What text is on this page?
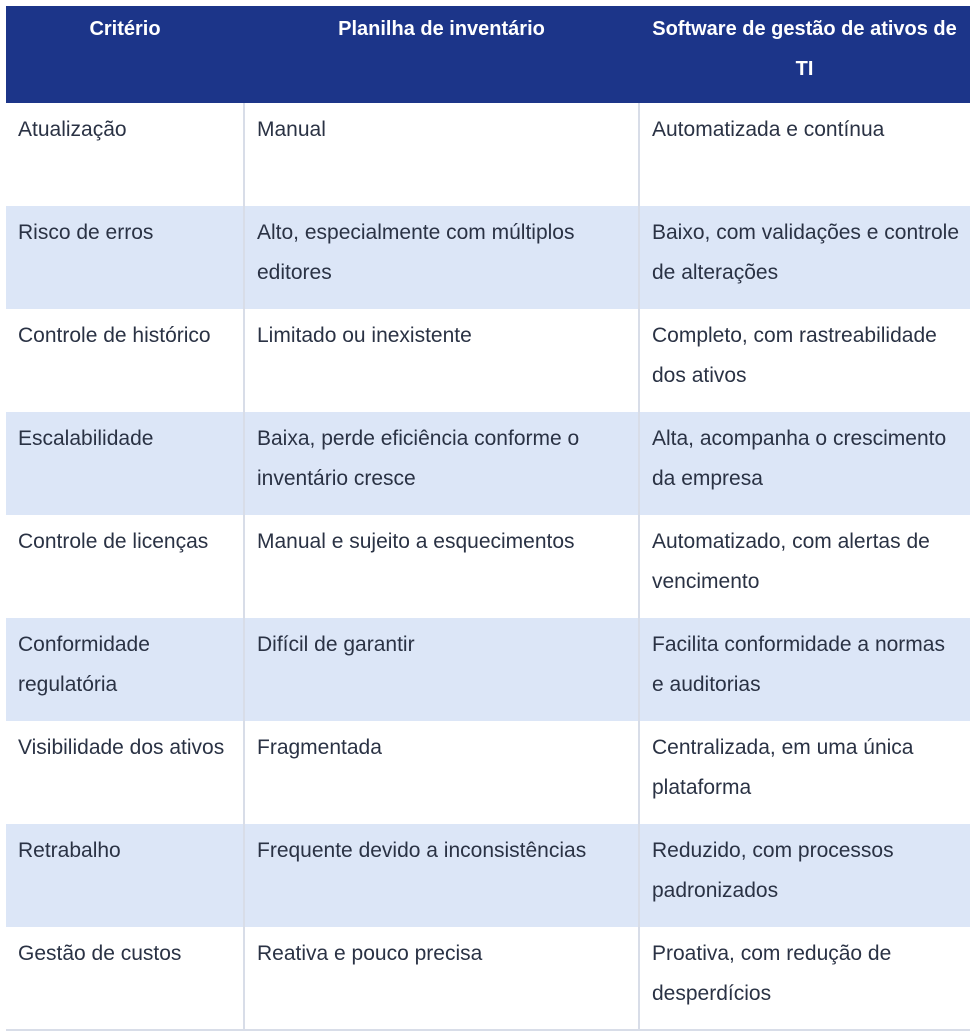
Critério	Planilha de inventário	Software de gestão de ativos de TI
Atualização	Manual	Automatizada e contínua
Risco de erros	Alto, especialmente com múltiplos editores	Baixo, com validações e controle de alterações
Controle de histórico	Limitado ou inexistente	Completo, com rastreabilidade dos ativos
Escalabilidade	Baixa, perde eficiência conforme o inventário cresce	Alta, acompanha o crescimento da empresa
Controle de licenças	Manual e sujeito a esquecimentos	Automatizado, com alertas de vencimento
Conformidade regulatória	Difícil de garantir	Facilita conformidade a normas e auditorias
Visibilidade dos ativos	Fragmentada	Centralizada, em uma única plataforma
Retrabalho	Frequente devido a inconsistências	Reduzido, com processos padronizados
Gestão de custos	Reativa e pouco precisa	Proativa, com redução de desperdícios
